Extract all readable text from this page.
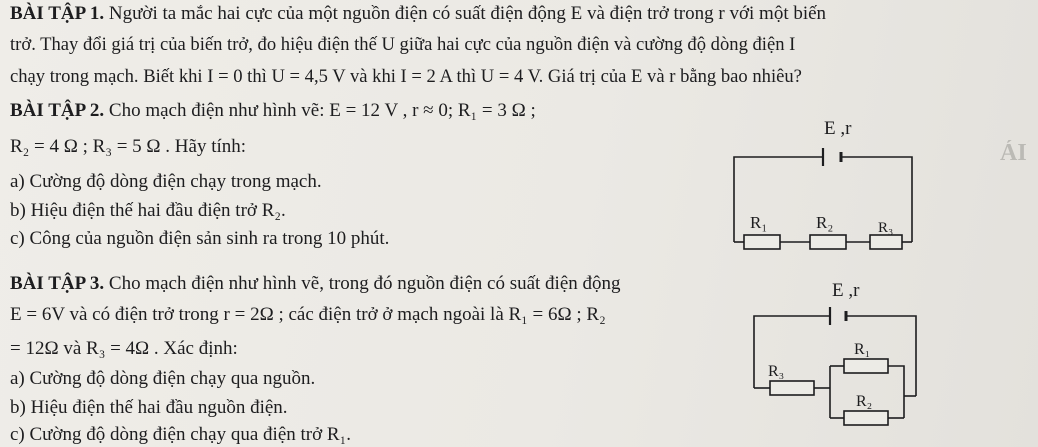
BÀI TẬP 1. Người ta mắc hai cực của một nguồn điện có suất điện động E và điện trở trong r với một biến
trở. Thay đổi giá trị của biến trở, đo hiệu điện thế U giữa hai cực của nguồn điện và cường độ dòng điện I
chạy trong mạch. Biết khi I = 0 thì U = 4,5 V và khi I = 2 A thì U = 4 V. Giá trị của E và r bằng bao nhiêu?
BÀI TẬP 2. Cho mạch điện như hình vẽ: E = 12 V , r ≈ 0; R₁ = 3 Ω ;
R₂ = 4 Ω ; R₃ = 5 Ω . Hãy tính:
a) Cường độ dòng điện chạy trong mạch.
b) Hiệu điện thế hai đầu điện trở R₂.
c) Công của nguồn điện sản sinh ra trong 10 phút.
E ,r
R₁	R₂	R₃
ÁI
BÀI TẬP 3. Cho mạch điện như hình vẽ, trong đó nguồn điện có suất điện động
E = 6V và có điện trở trong r = 2Ω ; các điện trở ở mạch ngoài là R₁ = 6Ω ; R₂
= 12Ω và R₃ = 4Ω . Xác định:
a) Cường độ dòng điện chạy qua nguồn.
b) Hiệu điện thế hai đầu nguồn điện.
c) Cường độ dòng điện chạy qua điện trở R₁.
E ,r
R₁
R₃
R₂
